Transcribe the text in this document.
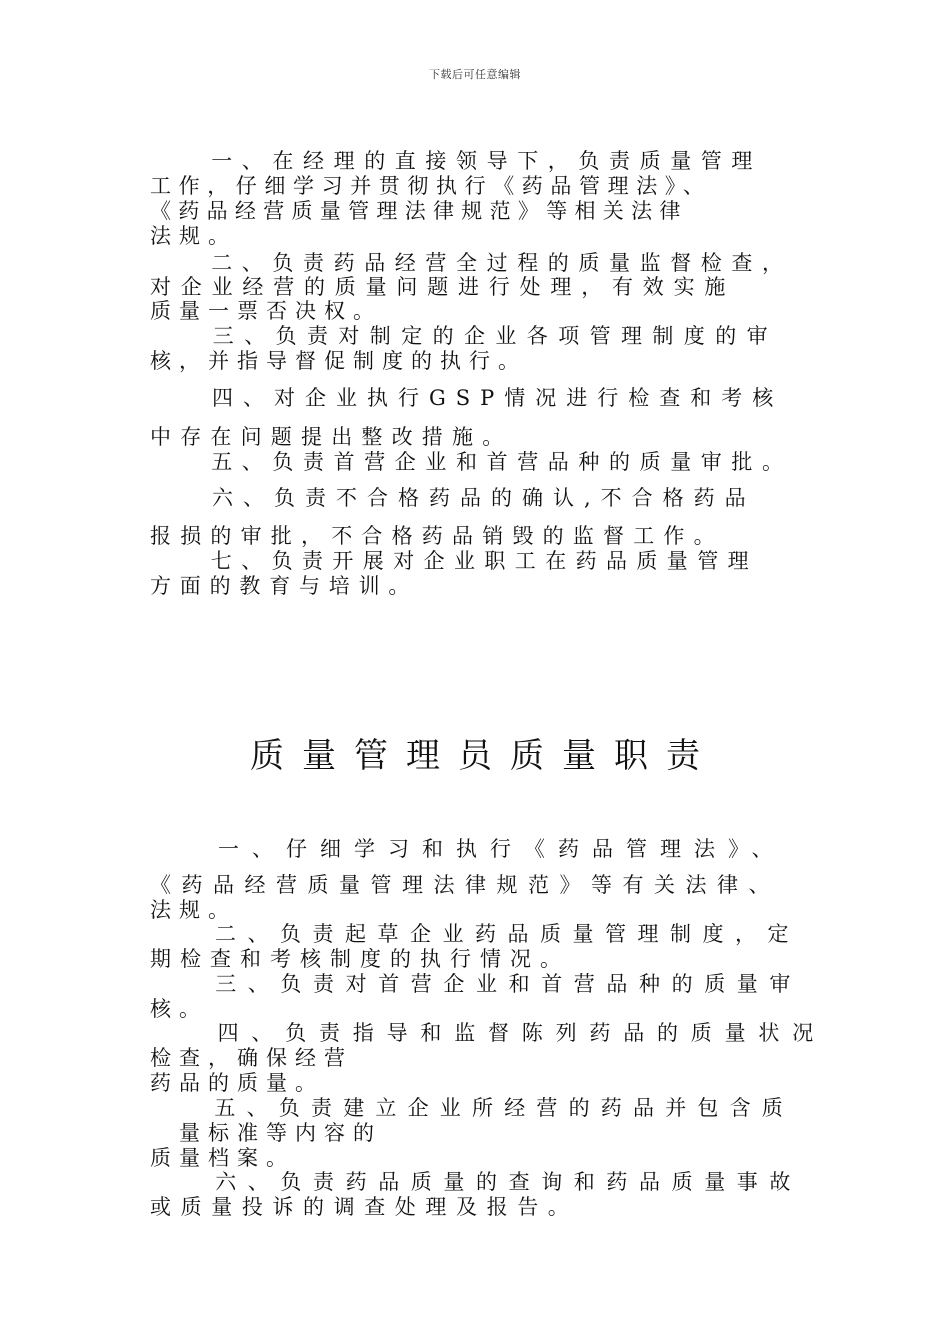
下载后可任意编辑
　　一、在经理的直接领导下，负责质量管理
工作，仔细学习并贯彻执行《药品管理法》、
《药品经营质量管理法律规范》等相关法律
法规。
　　二、负责药品经营全过程的质量监督检查，
对企业经营的质量问题进行处理，有效实施
质量一票否决权。
　　三、负责对制定的企业各项管理制度的审
核，并指导督促制度的执行。
　　四、对企业执行GSP情况进行检查和考核
中存在问题提出整改措施。
　　五、负责首营企业和首营品种的质量审批。
　　六、负责不合格药品的确认,不合格药品
报损的审批，不合格药品销毁的监督工作。
　　七、负责开展对企业职工在药品质量管理
方面的教育与培训。
质量管理员质量职责
　　一、仔细学习和执行《药品管理法》、
《药品经营质量管理法律规范》等有关法律、
法规。
　　二、负责起草企业药品质量管理制度，定
期检查和考核制度的执行情况。
　　三、负责对首营企业和首营品种的质量审
核。
　　四、负责指导和监督陈列药品的质量状况
检查，确保经营
药品的质量。
　　五、负责建立企业所经营的药品并包含质
　量标准等内容的
质量档案。
　　六、负责药品质量的查询和药品质量事故
或质量投诉的调查处理及报告。
